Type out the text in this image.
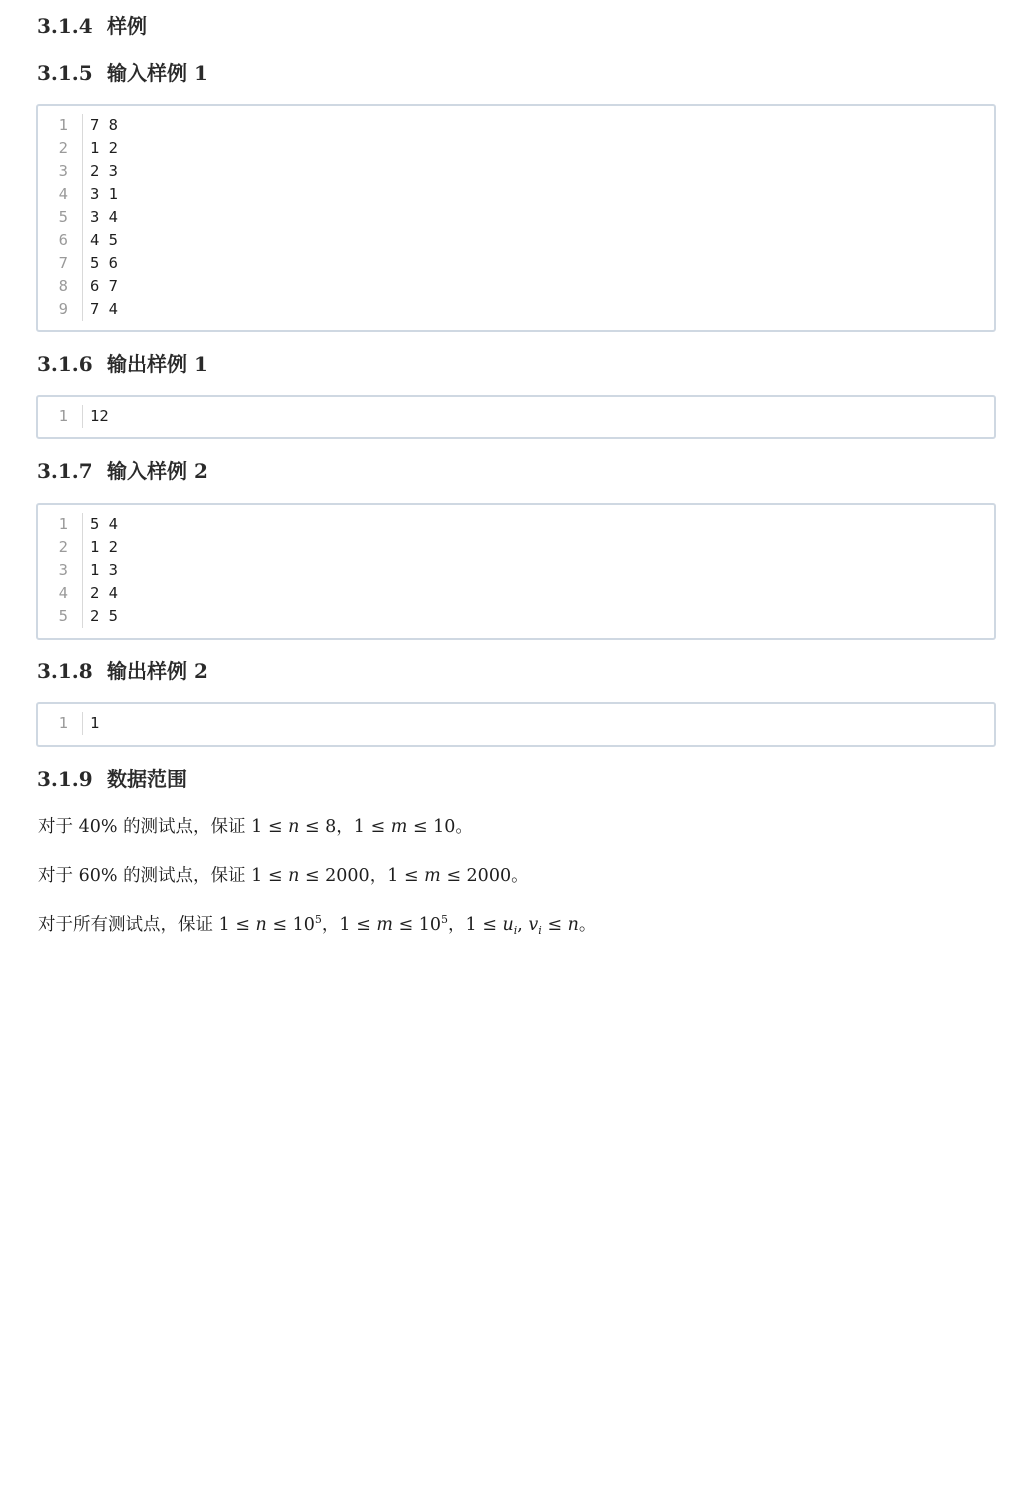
3.1.4 样例
3.1.5 输入样例 1
1 7 8
2 1 2
3 2 3
4 3 1
5 3 4
6 4 5
7 5 6
8 6 7
9 7 4
3.1.6 输出样例 1
1 12
3.1.7 输入样例 2
1 5 4
2 1 2
3 1 3
4 2 4
5 2 5
3.1.8 输出样例 2
1 1
3.1.9 数据范围
对于 40% 的测试点，保证 1 ≤ n ≤ 8，1 ≤ m ≤ 10。
对于 60% 的测试点，保证 1 ≤ n ≤ 2000，1 ≤ m ≤ 2000。
对于所有测试点，保证 $1 \le n \le 10^5$，$1 \le m \le 10^5$，$1 \le u_i$, $v_i \le n$。
